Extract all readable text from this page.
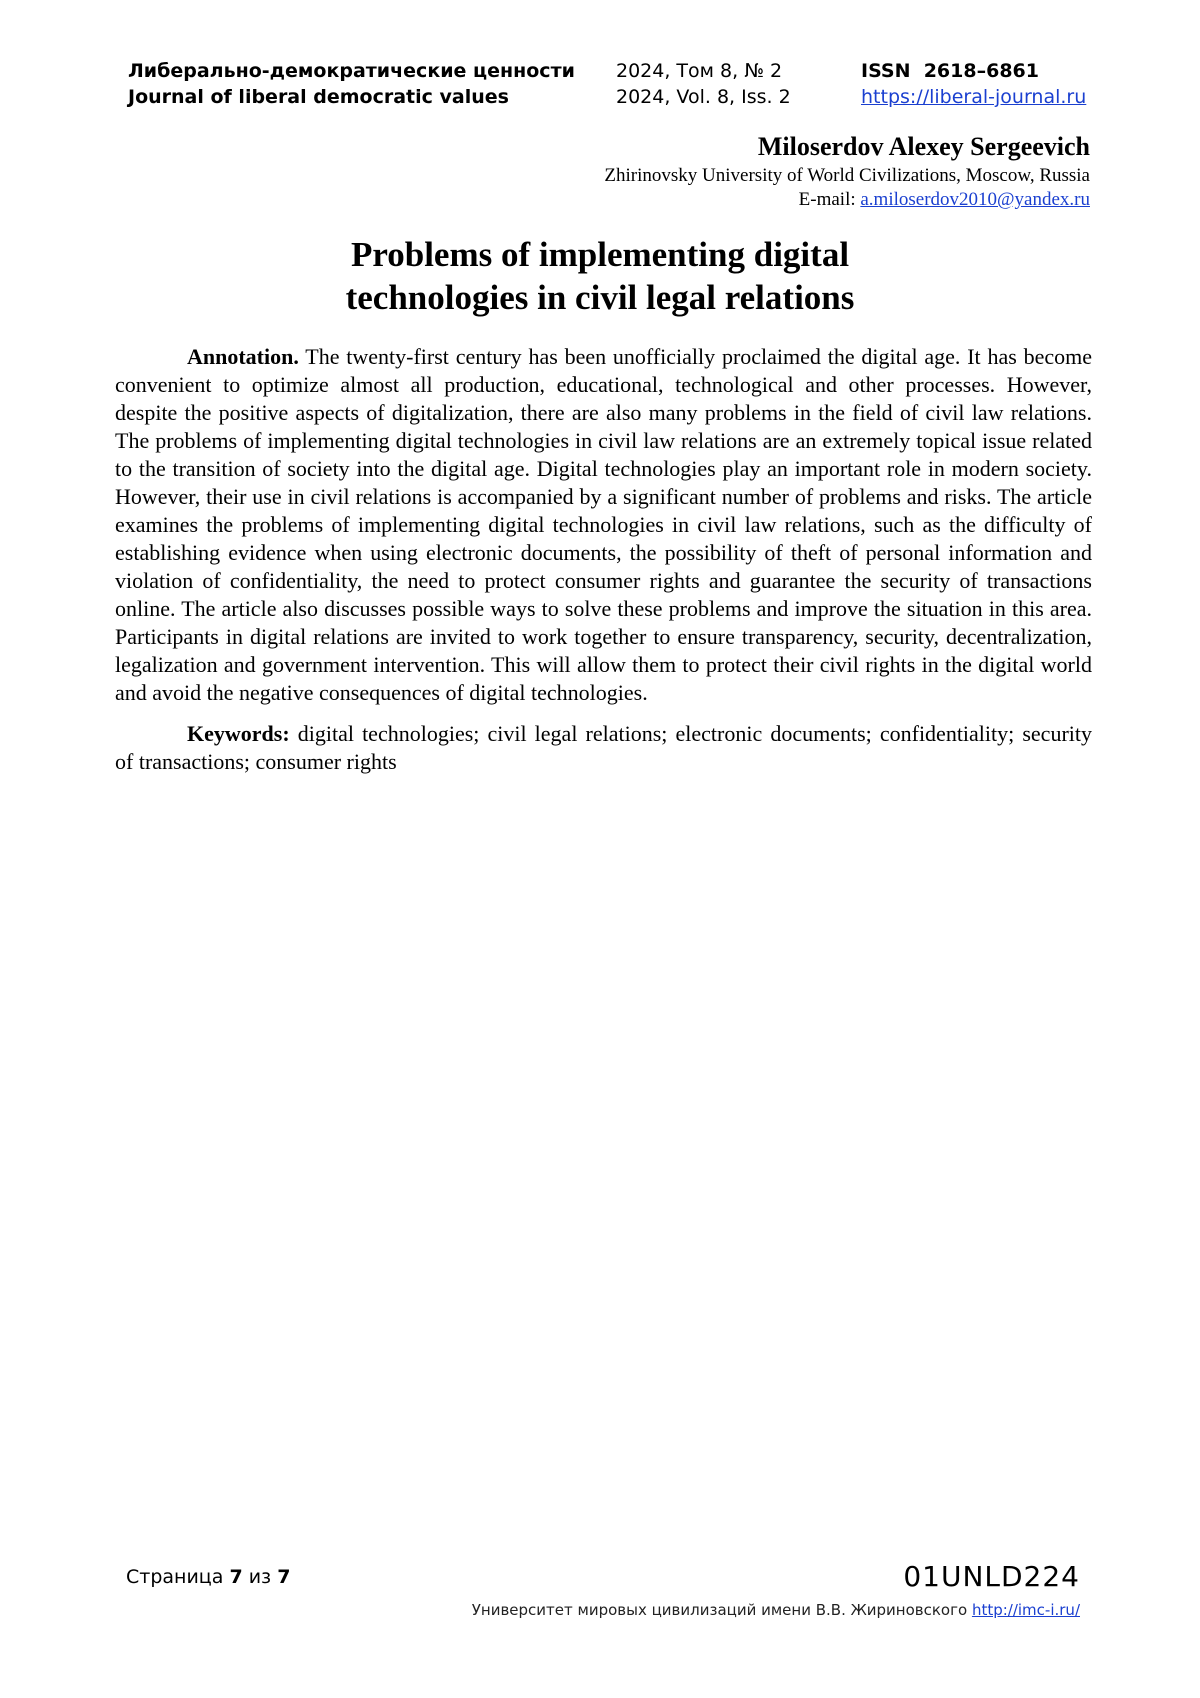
Либерально-демократические ценности
Journal of liberal democratic values
2024, Том 8, № 2
2024, Vol. 8, Iss. 2
ISSN  2618–6861
https://liberal-journal.ru
Miloserdov Alexey Sergeevich
Zhirinovsky University of World Civilizations, Moscow, Russia
E-mail: a.miloserdov2010@yandex.ru
Problems of implementing digital
technologies in civil legal relations

Annotation. The twenty-first century has been unofficially proclaimed the digital age. It has become convenient to optimize almost all production, educational, technological and other processes. However, despite the positive aspects of digitalization, there are also many problems in the field of civil law relations. The problems of implementing digital technologies in civil law relations are an extremely topical issue related to the transition of society into the digital age. Digital technologies play an important role in modern society. However, their use in civil relations is accompanied by a significant number of problems and risks. The article examines the problems of implementing digital technologies in civil law relations, such as the difficulty of establishing evidence when using electronic documents, the possibility of theft of personal information and violation of confidentiality, the need to protect consumer rights and guarantee the security of transactions online. The article also discusses possible ways to solve these problems and improve the situation in this area. Participants in digital relations are invited to work together to ensure transparency, security, decentralization, legalization and government intervention. This will allow them to protect their civil rights in the digital world and avoid the negative consequences of digital technologies.

Keywords: digital technologies; civil legal relations; electronic documents; confidentiality; security of transactions; consumer rights

Страница 7 из 7	01UNLD224
Университет мировых цивилизаций имени В.В. Жириновского http://imc-i.ru/
